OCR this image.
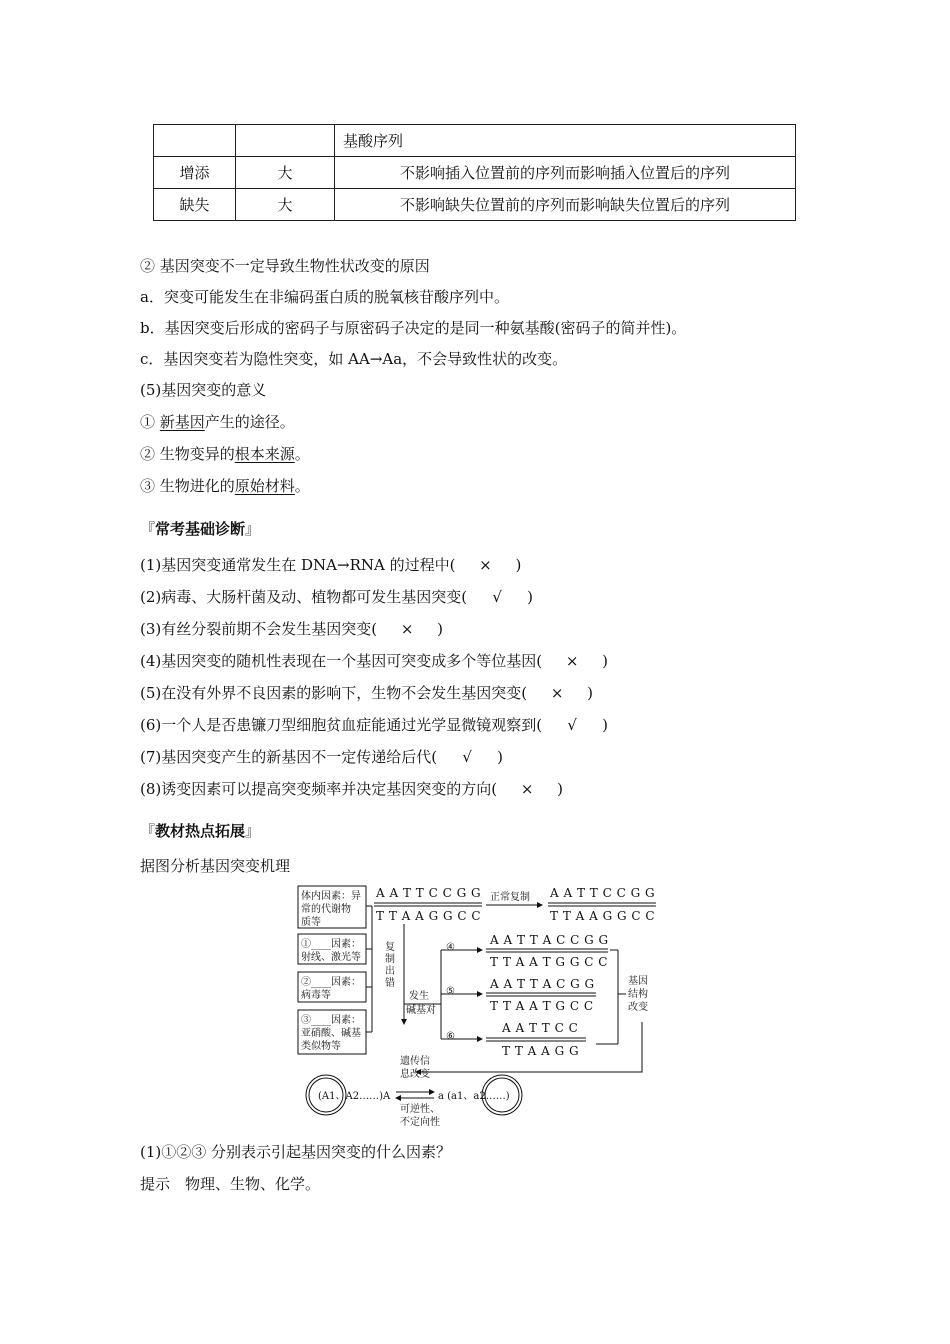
		基酸序列
增添	大	不影响插入位置前的序列而影响插入位置后的序列
缺失	大	不影响缺失位置前的序列而影响缺失位置后的序列
② 基因突变不一定导致生物性状改变的原因
a．突变可能发生在非编码蛋白质的脱氧核苷酸序列中。
b．基因突变后形成的密码子与原密码子决定的是同一种氨基酸(密码子的简并性)。
c．基因突变若为隐性突变，如 AA→Aa，不会导致性状的改变。
(5)基因突变的意义
① 新基因产生的途径。
② 生物变异的根本来源。
③ 生物进化的原始材料。
『常考基础诊断』
(1)基因突变通常发生在 DNA→RNA 的过程中( × )
(2)病毒、大肠杆菌及动、植物都可发生基因突变( √ )
(3)有丝分裂前期不会发生基因突变( × )
(4)基因突变的随机性表现在一个基因可突变成多个等位基因( × )
(5)在没有外界不良因素的影响下，生物不会发生基因突变( × )
(6)一个人是否患镰刀型细胞贫血症能通过光学显微镜观察到( √ )
(7)基因突变产生的新基因不一定传递给后代( √ )
(8)诱变因素可以提高突变频率并决定基因突变的方向( × )
『教材热点拓展』
据图分析基因突变机理
体内因素：异
常的代谢物
质等
①____因素：
射线、激光等
②____因素：
病毒等
③____因素：
亚硝酸、碱基
类似物等
A A T T C C G G
T T A A G G C C
正常复制 A A T T C C G G
T T A A G G C C
复
制
出
错
发生
碱基对
④
A A T T A C C G G
T T A A T G G C C
⑤
A A T T A C G G
T T A A T G C C
⑥
A A T T C C
T T A A G G
基因
结构
改变
遗传信
息改变
(A1、A2……)A	a (a1、a2……)
可逆性、
不定向性
(1)①②③ 分别表示引起基因突变的什么因素？
提示　物理、生物、化学。
